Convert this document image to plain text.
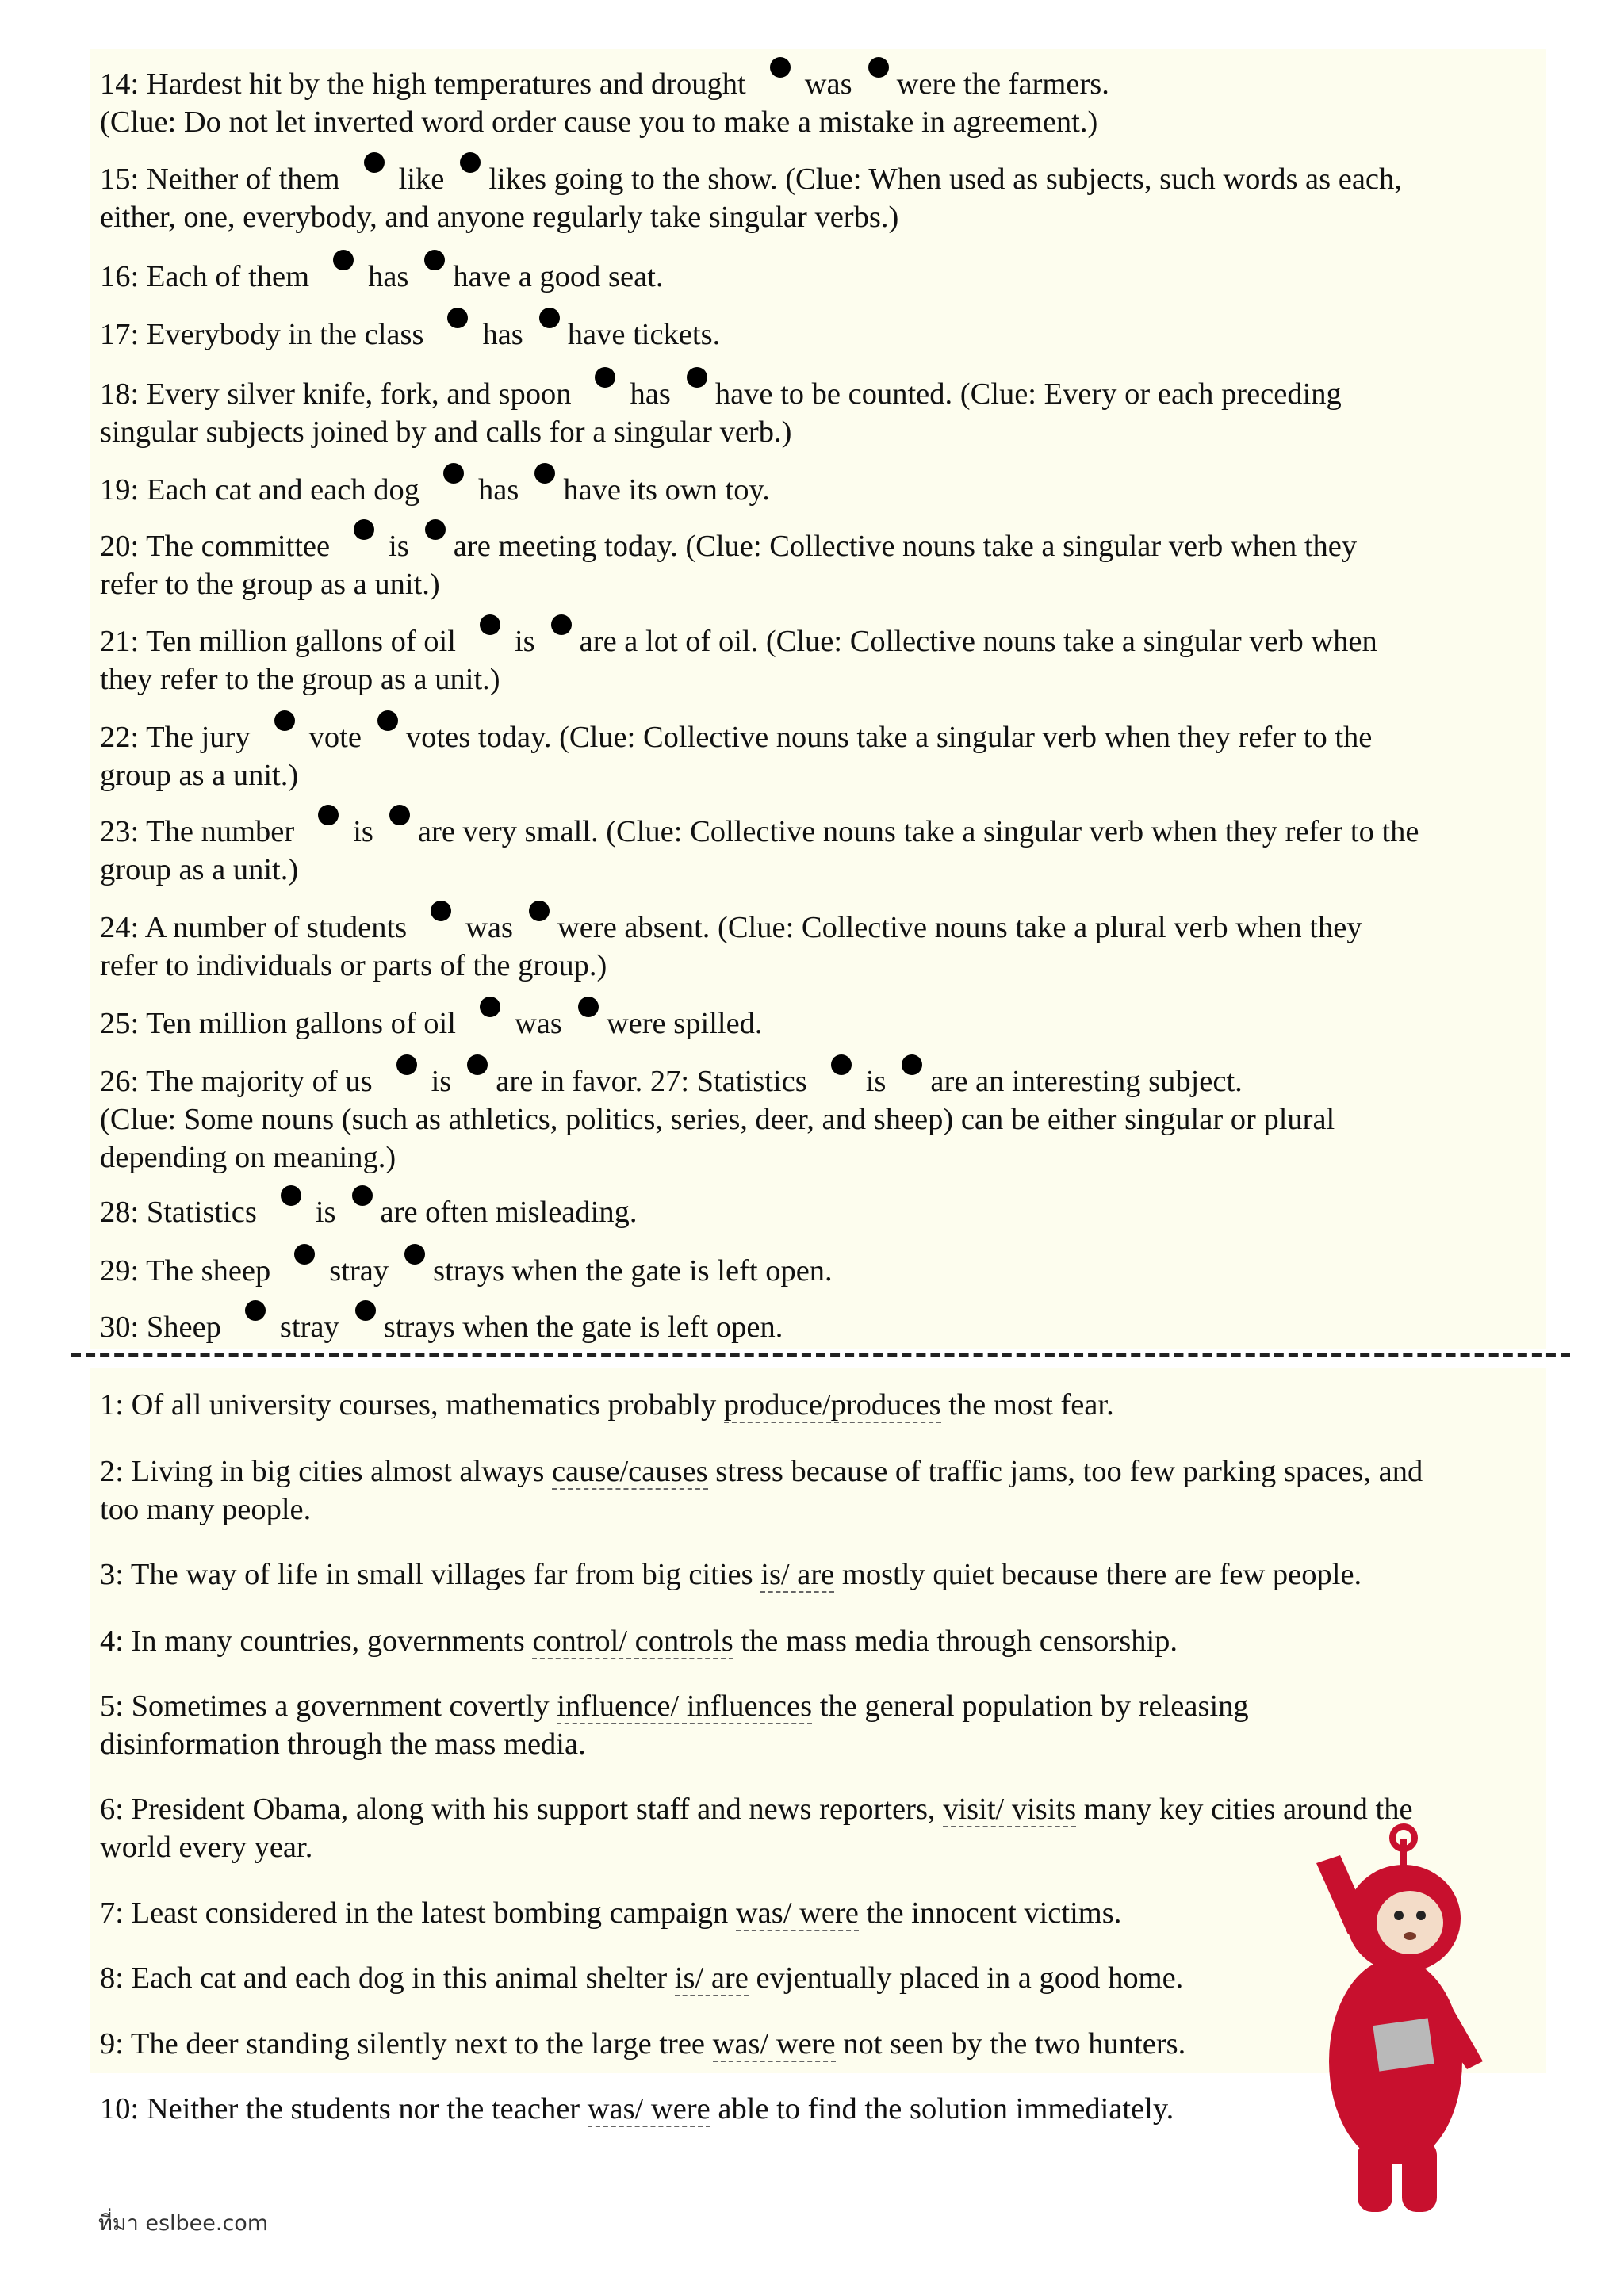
14: Hardest hit by the high temperatures and drought was were the farmers.
(Clue: Do not let inverted word order cause you to make a mistake in agreement.)
15: Neither of them like likes going to the show. (Clue: When used as subjects, such words as each,
either, one, everybody, and anyone regularly take singular verbs.)
16: Each of them has have a good seat.
17: Everybody in the class has have tickets.
18: Every silver knife, fork, and spoon has have to be counted. (Clue: Every or each preceding
singular subjects joined by and calls for a singular verb.)
19: Each cat and each dog has have its own toy.
20: The committee is are meeting today. (Clue: Collective nouns take a singular verb when they
refer to the group as a unit.)
21: Ten million gallons of oil is are a lot of oil. (Clue: Collective nouns take a singular verb when
they refer to the group as a unit.)
22: The jury vote votes today. (Clue: Collective nouns take a singular verb when they refer to the
group as a unit.)
23: The number is are very small. (Clue: Collective nouns take a singular verb when they refer to the
group as a unit.)
24: A number of students was were absent. (Clue: Collective nouns take a plural verb when they
refer to individuals or parts of the group.)
25: Ten million gallons of oil was were spilled.
26: The majority of us is are in favor. 27: Statistics is are an interesting subject.
(Clue: Some nouns (such as athletics, politics, series, deer, and sheep) can be either singular or plural
depending on meaning.)
28: Statistics is are often misleading.
29: The sheep stray strays when the gate is left open.
30: Sheep stray strays when the gate is left open.
1: Of all university courses, mathematics probably produce/produces the most fear.
2: Living in big cities almost always cause/causes stress because of traffic jams, too few parking spaces, and
too many people.
3: The way of life in small villages far from big cities is/ are mostly quiet because there are few people.
4: In many countries, governments control/ controls the mass media through censorship.
5: Sometimes a government covertly influence/ influences the general population by releasing
disinformation through the mass media.
6: President Obama, along with his support staff and news reporters, visit/ visits many key cities around the
world every year.
7: Least considered in the latest bombing campaign was/ were the innocent victims.
8: Each cat and each dog in this animal shelter is/ are evjentually placed in a good home.
9: The deer standing silently next to the large tree was/ were not seen by the two hunters.
10: Neither the students nor the teacher was/ were able to find the solution immediately.
ที่มา eslbee.com
